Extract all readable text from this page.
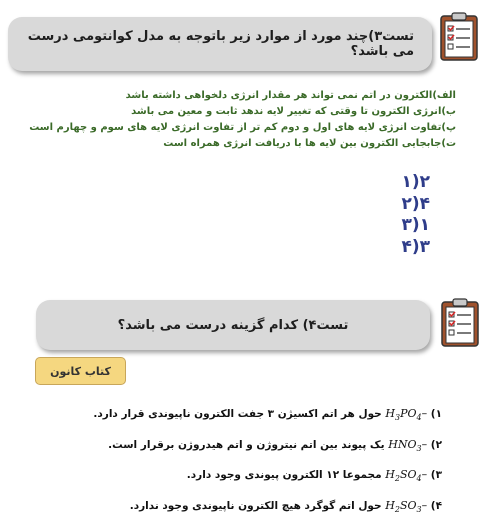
تست۳)چند مورد از موارد زیر باتوجه به مدل کوانتومی درست می باشد؟
الف)الکترون در اتم نمی تواند هر مقدار انرژی دلخواهی داشته باشد
ب)انرژی الکترون تا وقتی که تغییر لایه ندهد ثابت و معین می باشد
پ)تفاوت انرژی لایه های اول و دوم کم تر از تفاوت انرژی لایه های سوم و چهارم است
ت)جابجایی الکترون بین لایه ها با دریافت انرژی همراه است
۲(۱
۴(۲
۱(۳
۳(۴
تست۴) کدام گزینه درست می باشد؟
کتاب کانون
۱) $H_3PO_4-$ حول هر اتم اکسیژن ۳ جفت الکترون ناپیوندی قرار دارد.
۲) $HNO_3-$ یک پیوند بین اتم نیتروژن و اتم هیدروژن برقرار است.
۳) $H_2SO_4-$ مجموعا ۱۲ الکترون پیوندی وجود دارد.
۴) $H_2SO_3-$ حول اتم گوگرد هیچ الکترون ناپیوندی وجود ندارد.
